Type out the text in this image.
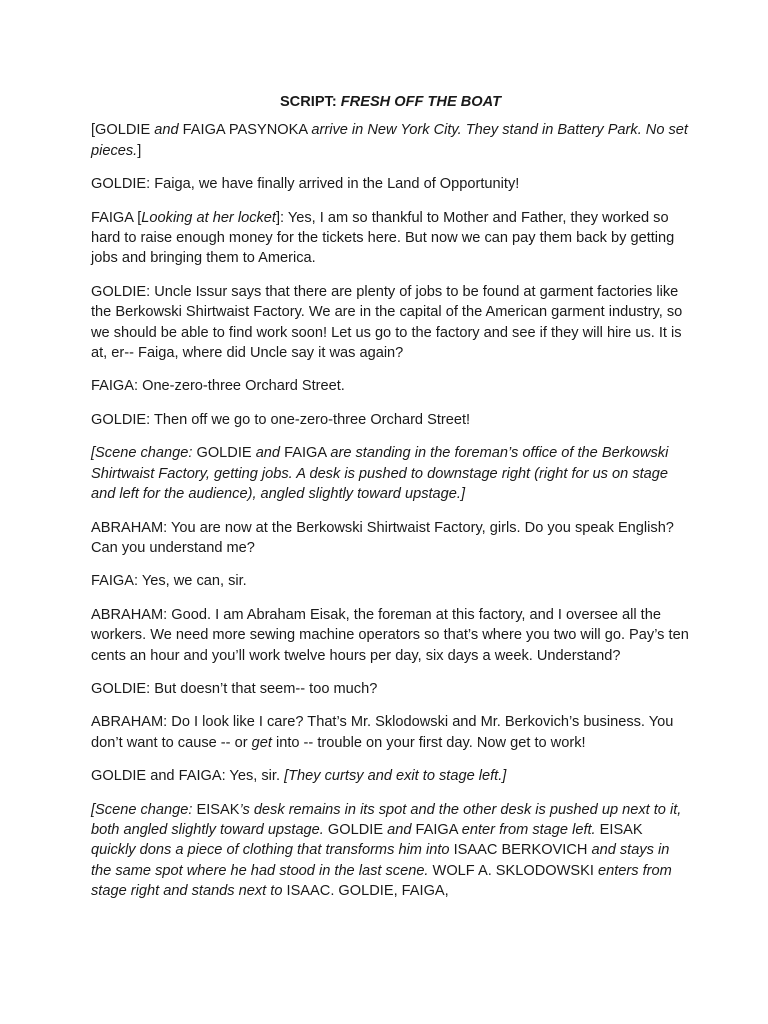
SCRIPT: FRESH OFF THE BOAT

[GOLDIE and FAIGA PASYNOKA arrive in New York City. They stand in Battery Park. No set pieces.]

GOLDIE: Faiga, we have finally arrived in the Land of Opportunity!

FAIGA [Looking at her locket]: Yes, I am so thankful to Mother and Father, they worked so hard to raise enough money for the tickets here. But now we can pay them back by getting jobs and bringing them to America.

GOLDIE: Uncle Issur says that there are plenty of jobs to be found at garment factories like the Berkowski Shirtwaist Factory. We are in the capital of the American garment industry, so we should be able to find work soon! Let us go to the factory and see if they will hire us. It is at, er-- Faiga, where did Uncle say it was again?

FAIGA: One-zero-three Orchard Street.

GOLDIE: Then off we go to one-zero-three Orchard Street!

[Scene change: GOLDIE and FAIGA are standing in the foreman’s office of the Berkowski Shirtwaist Factory, getting jobs. A desk is pushed to downstage right (right for us on stage and left for the audience), angled slightly toward upstage.]

ABRAHAM: You are now at the Berkowski Shirtwaist Factory, girls. Do you speak English? Can you understand me?

FAIGA: Yes, we can, sir.

ABRAHAM: Good. I am Abraham Eisak, the foreman at this factory, and I oversee all the workers. We need more sewing machine operators so that’s where you two will go. Pay’s ten cents an hour and you’ll work twelve hours per day, six days a week. Understand?

GOLDIE: But doesn’t that seem-- too much?

ABRAHAM: Do I look like I care? That’s Mr. Sklodowski and Mr. Berkovich’s business. You don’t want to cause -- or get into -- trouble on your first day. Now get to work!

GOLDIE and FAIGA: Yes, sir. [They curtsy and exit to stage left.]

[Scene change: EISAK’s desk remains in its spot and the other desk is pushed up next to it, both angled slightly toward upstage. GOLDIE and FAIGA enter from stage left. EISAK quickly dons a piece of clothing that transforms him into ISAAC BERKOVICH and stays in the same spot where he had stood in the last scene. WOLF A. SKLODOWSKI enters from stage right and stands next to ISAAC. GOLDIE, FAIGA,
